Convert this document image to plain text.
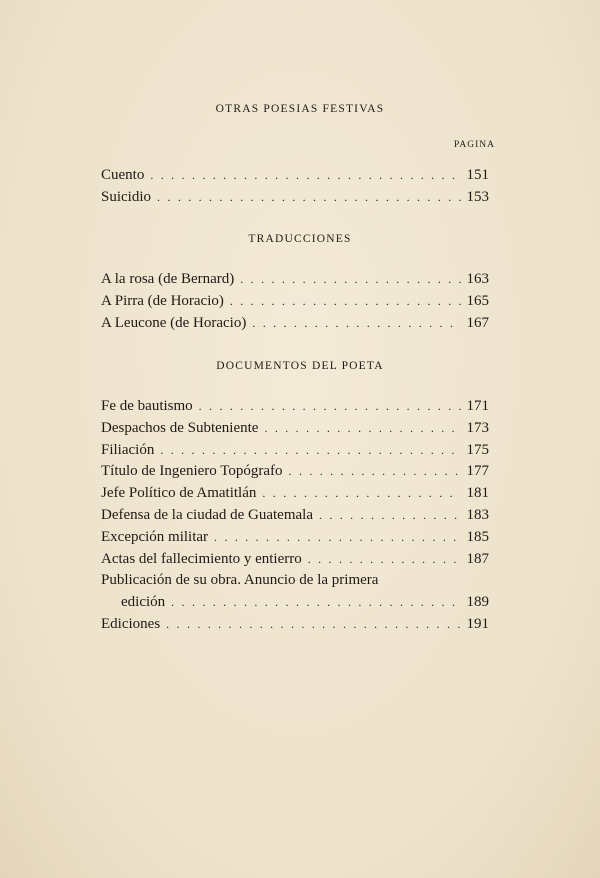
OTRAS POESIAS FESTIVAS
PAGINA
Cuento . . .	151
Suicidio . . .	153
TRADUCCIONES
A la rosa (de Bernard) . . .	163
A Pirra (de Horacio) . . .	165
A Leucone (de Horacio) . . .	167
DOCUMENTOS DEL POETA
Fe de bautismo . . .	171
Despachos de Subteniente . . .	173
Filiación . . .	175
Título de Ingeniero Topógrafo . . .	177
Jefe Político de Amatitlán . . .	181
Defensa de la ciudad de Guatemala . . .	183
Excepción militar . . .	185
Actas del fallecimiento y entierro . . .	187
Publicación de su obra. Anuncio de la primera
edición . . .	189
Ediciones . . .	191
